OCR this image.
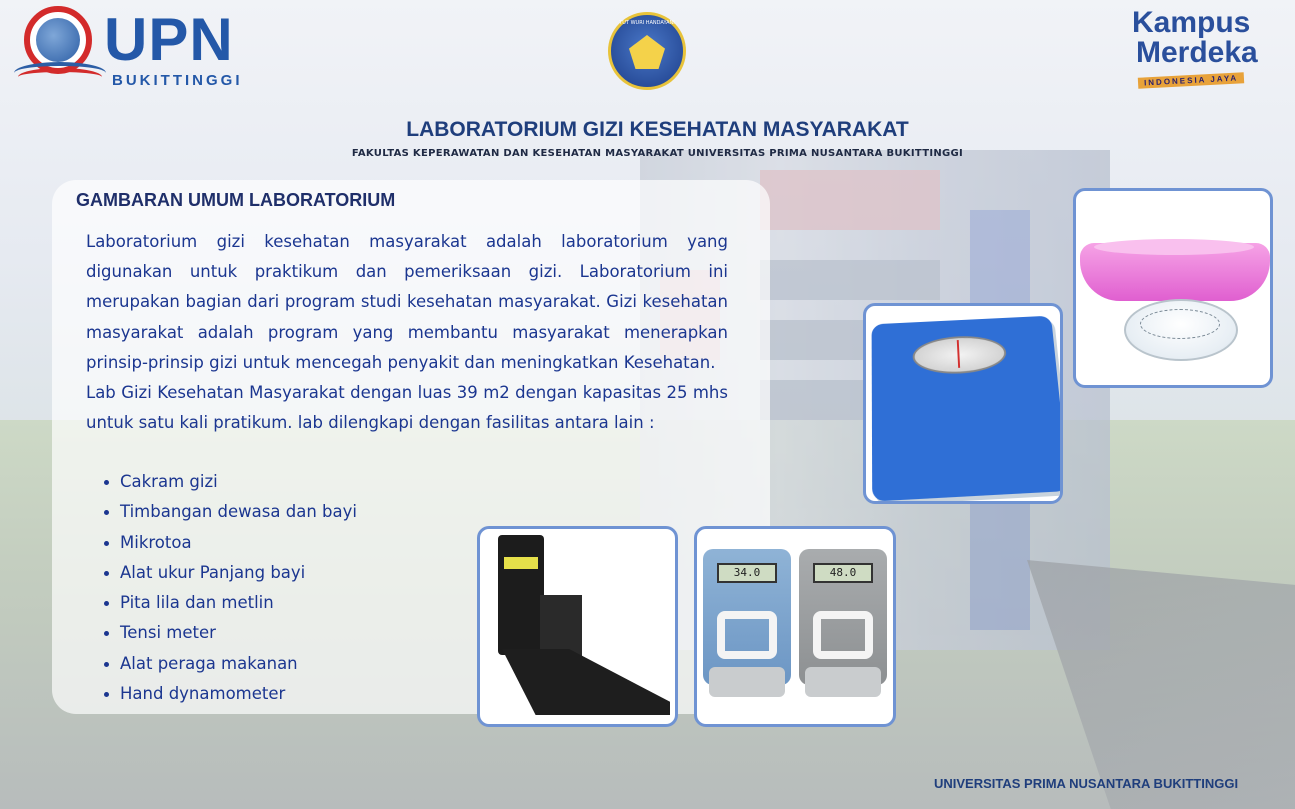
UPN
BUKITTINGGI
TUT WURI HANDAYANI	Kampus
Merdeka
INDONESIA JAYA
LABORATORIUM GIZI KESEHATAN MASYARAKAT
FAKULTAS KEPERAWATAN DAN KESEHATAN MASYARAKAT UNIVERSITAS PRIMA NUSANTARA BUKITTINGGI
GAMBARAN UMUM LABORATORIUM

Laboratorium gizi kesehatan masyarakat adalah laboratorium yang digunakan untuk praktikum dan pemeriksaan gizi. Laboratorium ini merupakan bagian dari program studi kesehatan masyarakat. Gizi kesehatan masyarakat adalah program yang membantu masyarakat menerapkan prinsip-prinsip gizi untuk mencegah penyakit dan meningkatkan Kesehatan.

Lab Gizi Kesehatan Masyarakat dengan luas 39 m2 dengan kapasitas 25 mhs untuk satu kali pratikum. lab dilengkapi dengan fasilitas antara lain :

Cakram gizi
Timbangan dewasa dan bayi
Mikrotoa
Alat ukur Panjang bayi
Pita lila dan metlin
Tensi meter
Alat peraga makanan
Hand dynamometer
34.0	48.0
UNIVERSITAS PRIMA NUSANTARA BUKITTINGGI
